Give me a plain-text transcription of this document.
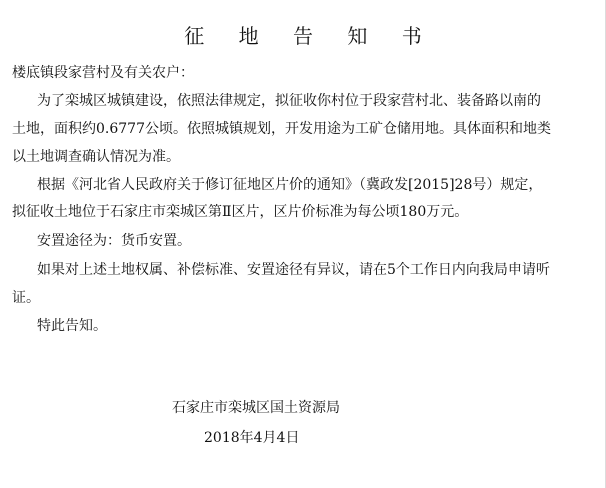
征 地 告 知 书
楼底镇段家营村及有关农户：
为了栾城区城镇建设，依照法律规定，拟征收你村位于段家营村北、装备路以南的
土地，面积约0.6777公顷。依照城镇规划，开发用途为工矿仓储用地。具体面积和地类
以土地调查确认情况为准。
根据《河北省人民政府关于修订征地区片价的通知》（冀政发[2015]28号）规定，
拟征收土地位于石家庄市栾城区第Ⅱ区片，区片价标准为每公顷180万元。
安置途径为：货币安置。
如果对上述土地权属、补偿标准、安置途径有异议，请在5个工作日内向我局申请听
证。
特此告知。
石家庄市栾城区国土资源局
2018年4月4日
